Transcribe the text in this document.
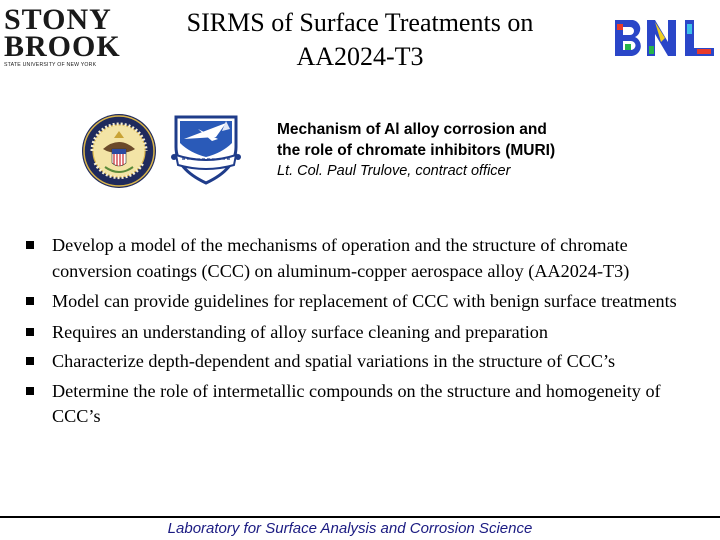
STONY
BROOK
STATE UNIVERSITY OF NEW YORK
SIRMS of Surface Treatments on
AA2024-T3
Mechanism of Al alloy corrosion and
the role of chromate inhibitors (MURI)
Lt. Col. Paul Trulove, contract officer
Develop a model of the mechanisms of operation and the structure of chromate conversion coatings (CCC) on aluminum-copper aerospace alloy (AA2024-T3)
Model can provide guidelines for replacement of CCC with benign surface treatments
Requires an understanding of alloy surface cleaning and preparation
Characterize depth-dependent and spatial variations in the structure of CCC’s
Determine the role of intermetallic compounds on the structure and homogeneity of CCC’s
Laboratory for Surface Analysis and Corrosion Science
